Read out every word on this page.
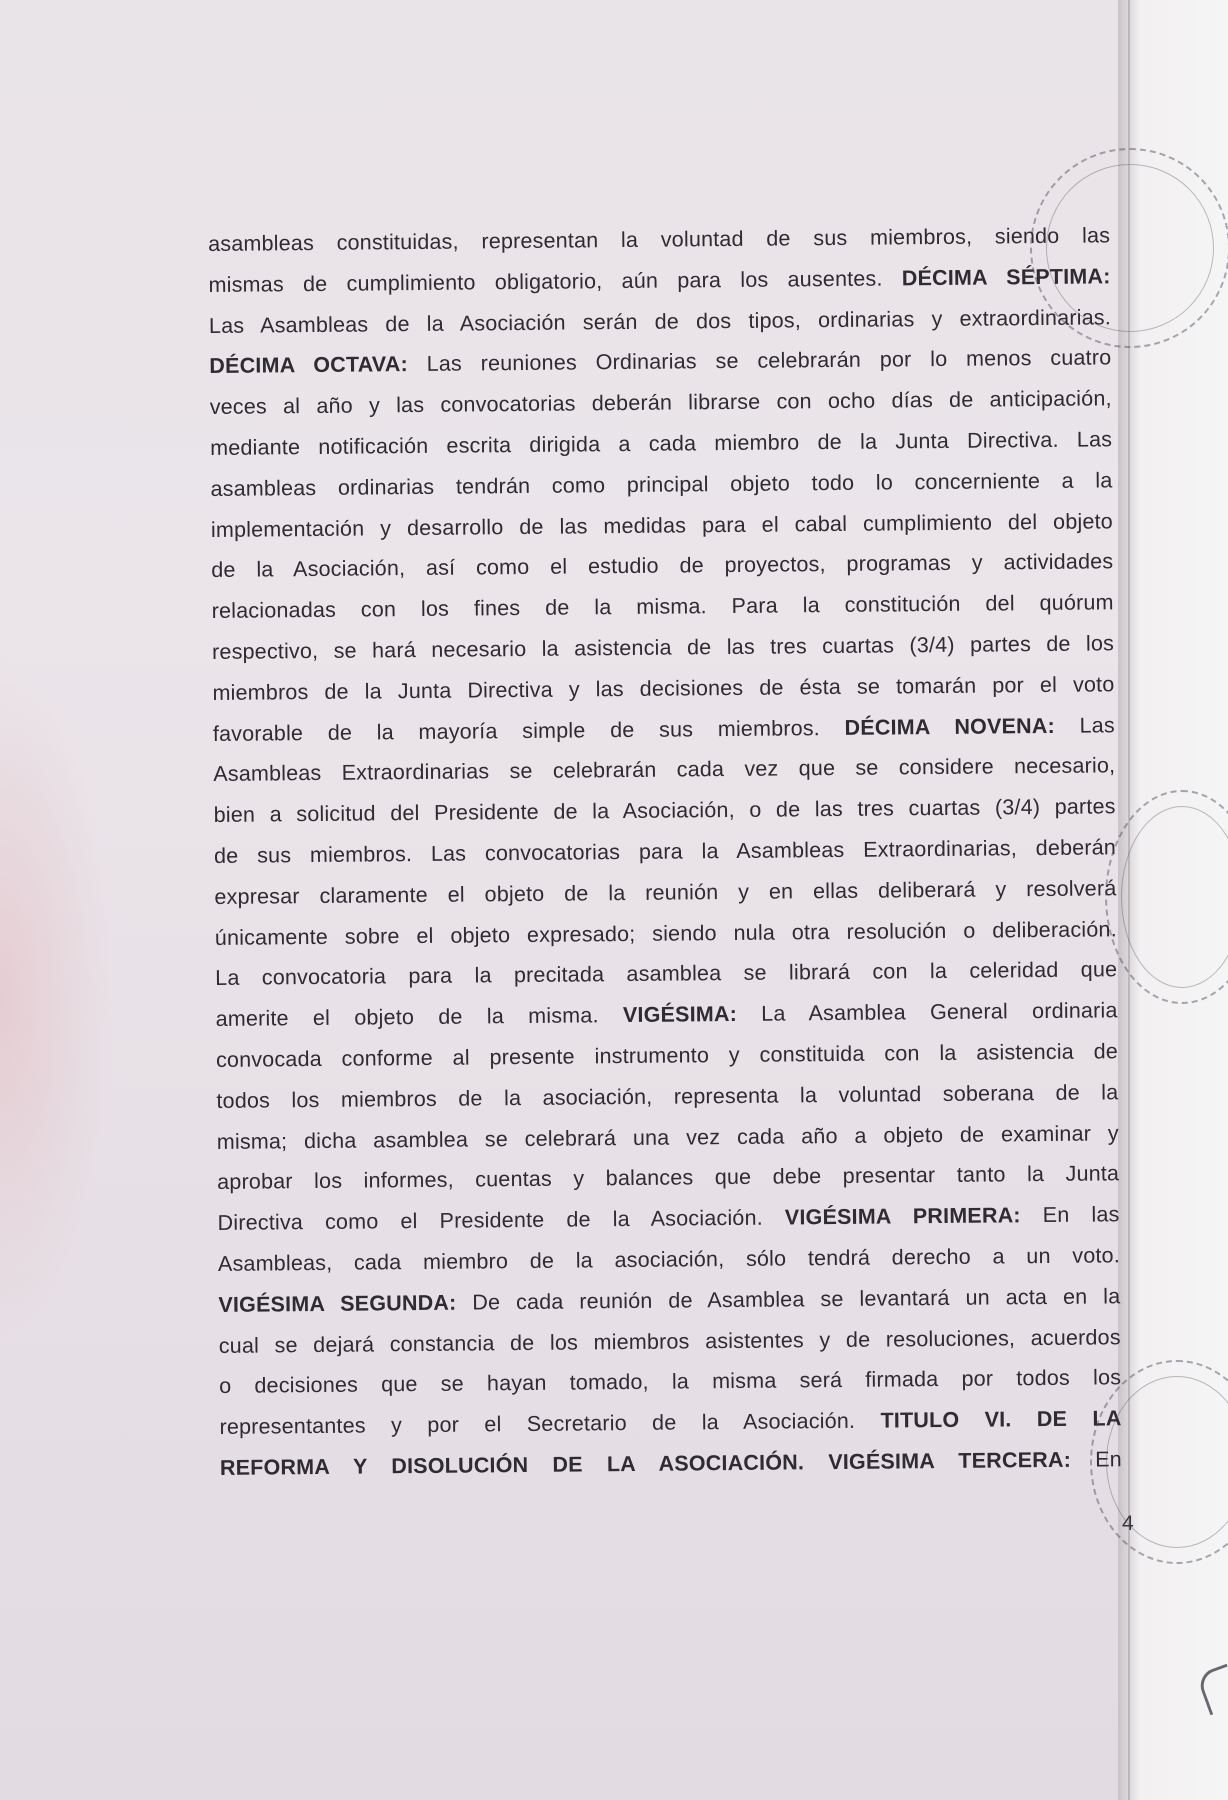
asambleas constituidas, representan la voluntad de sus miembros, siendo las
mismas de cumplimiento obligatorio, aún para los ausentes. DÉCIMA SÉPTIMA:
Las Asambleas de la Asociación serán de dos tipos, ordinarias y extraordinarias.
DÉCIMA OCTAVA: Las reuniones Ordinarias se celebrarán por lo menos cuatro
veces al año y las convocatorias deberán librarse con ocho días de anticipación,
mediante notificación escrita dirigida a cada miembro de la Junta Directiva. Las
asambleas ordinarias tendrán como principal objeto todo lo concerniente a la
implementación y desarrollo de las medidas para el cabal cumplimiento del objeto
de la Asociación, así como el estudio de proyectos, programas y actividades
relacionadas con los fines de la misma. Para la constitución del quórum
respectivo, se hará necesario la asistencia de las tres cuartas (3/4) partes de los
miembros de la Junta Directiva y las decisiones de ésta se tomarán por el voto
favorable de la mayoría simple de sus miembros. DÉCIMA NOVENA: Las
Asambleas Extraordinarias se celebrarán cada vez que se considere necesario,
bien a solicitud del Presidente de la Asociación, o de las tres cuartas (3/4) partes
de sus miembros. Las convocatorias para la Asambleas Extraordinarias, deberán
expresar claramente el objeto de la reunión y en ellas deliberará y resolverá
únicamente sobre el objeto expresado; siendo nula otra resolución o deliberación.
La convocatoria para la precitada asamblea se librará con la celeridad que
amerite el objeto de la misma. VIGÉSIMA: La Asamblea General ordinaria
convocada conforme al presente instrumento y constituida con la asistencia de
todos los miembros de la asociación, representa la voluntad soberana de la
misma; dicha asamblea se celebrará una vez cada año a objeto de examinar y
aprobar los informes, cuentas y balances que debe presentar tanto la Junta
Directiva como el Presidente de la Asociación. VIGÉSIMA PRIMERA: En las
Asambleas, cada miembro de la asociación, sólo tendrá derecho a un voto.
VIGÉSIMA SEGUNDA: De cada reunión de Asamblea se levantará un acta en la
cual se dejará constancia de los miembros asistentes y de resoluciones, acuerdos
o decisiones que se hayan tomado, la misma será firmada por todos los
representantes y por el Secretario de la Asociación. TITULO VI. DE LA
REFORMA Y DISOLUCIÓN DE LA ASOCIACIÓN. VIGÉSIMA TERCERA: En
4
